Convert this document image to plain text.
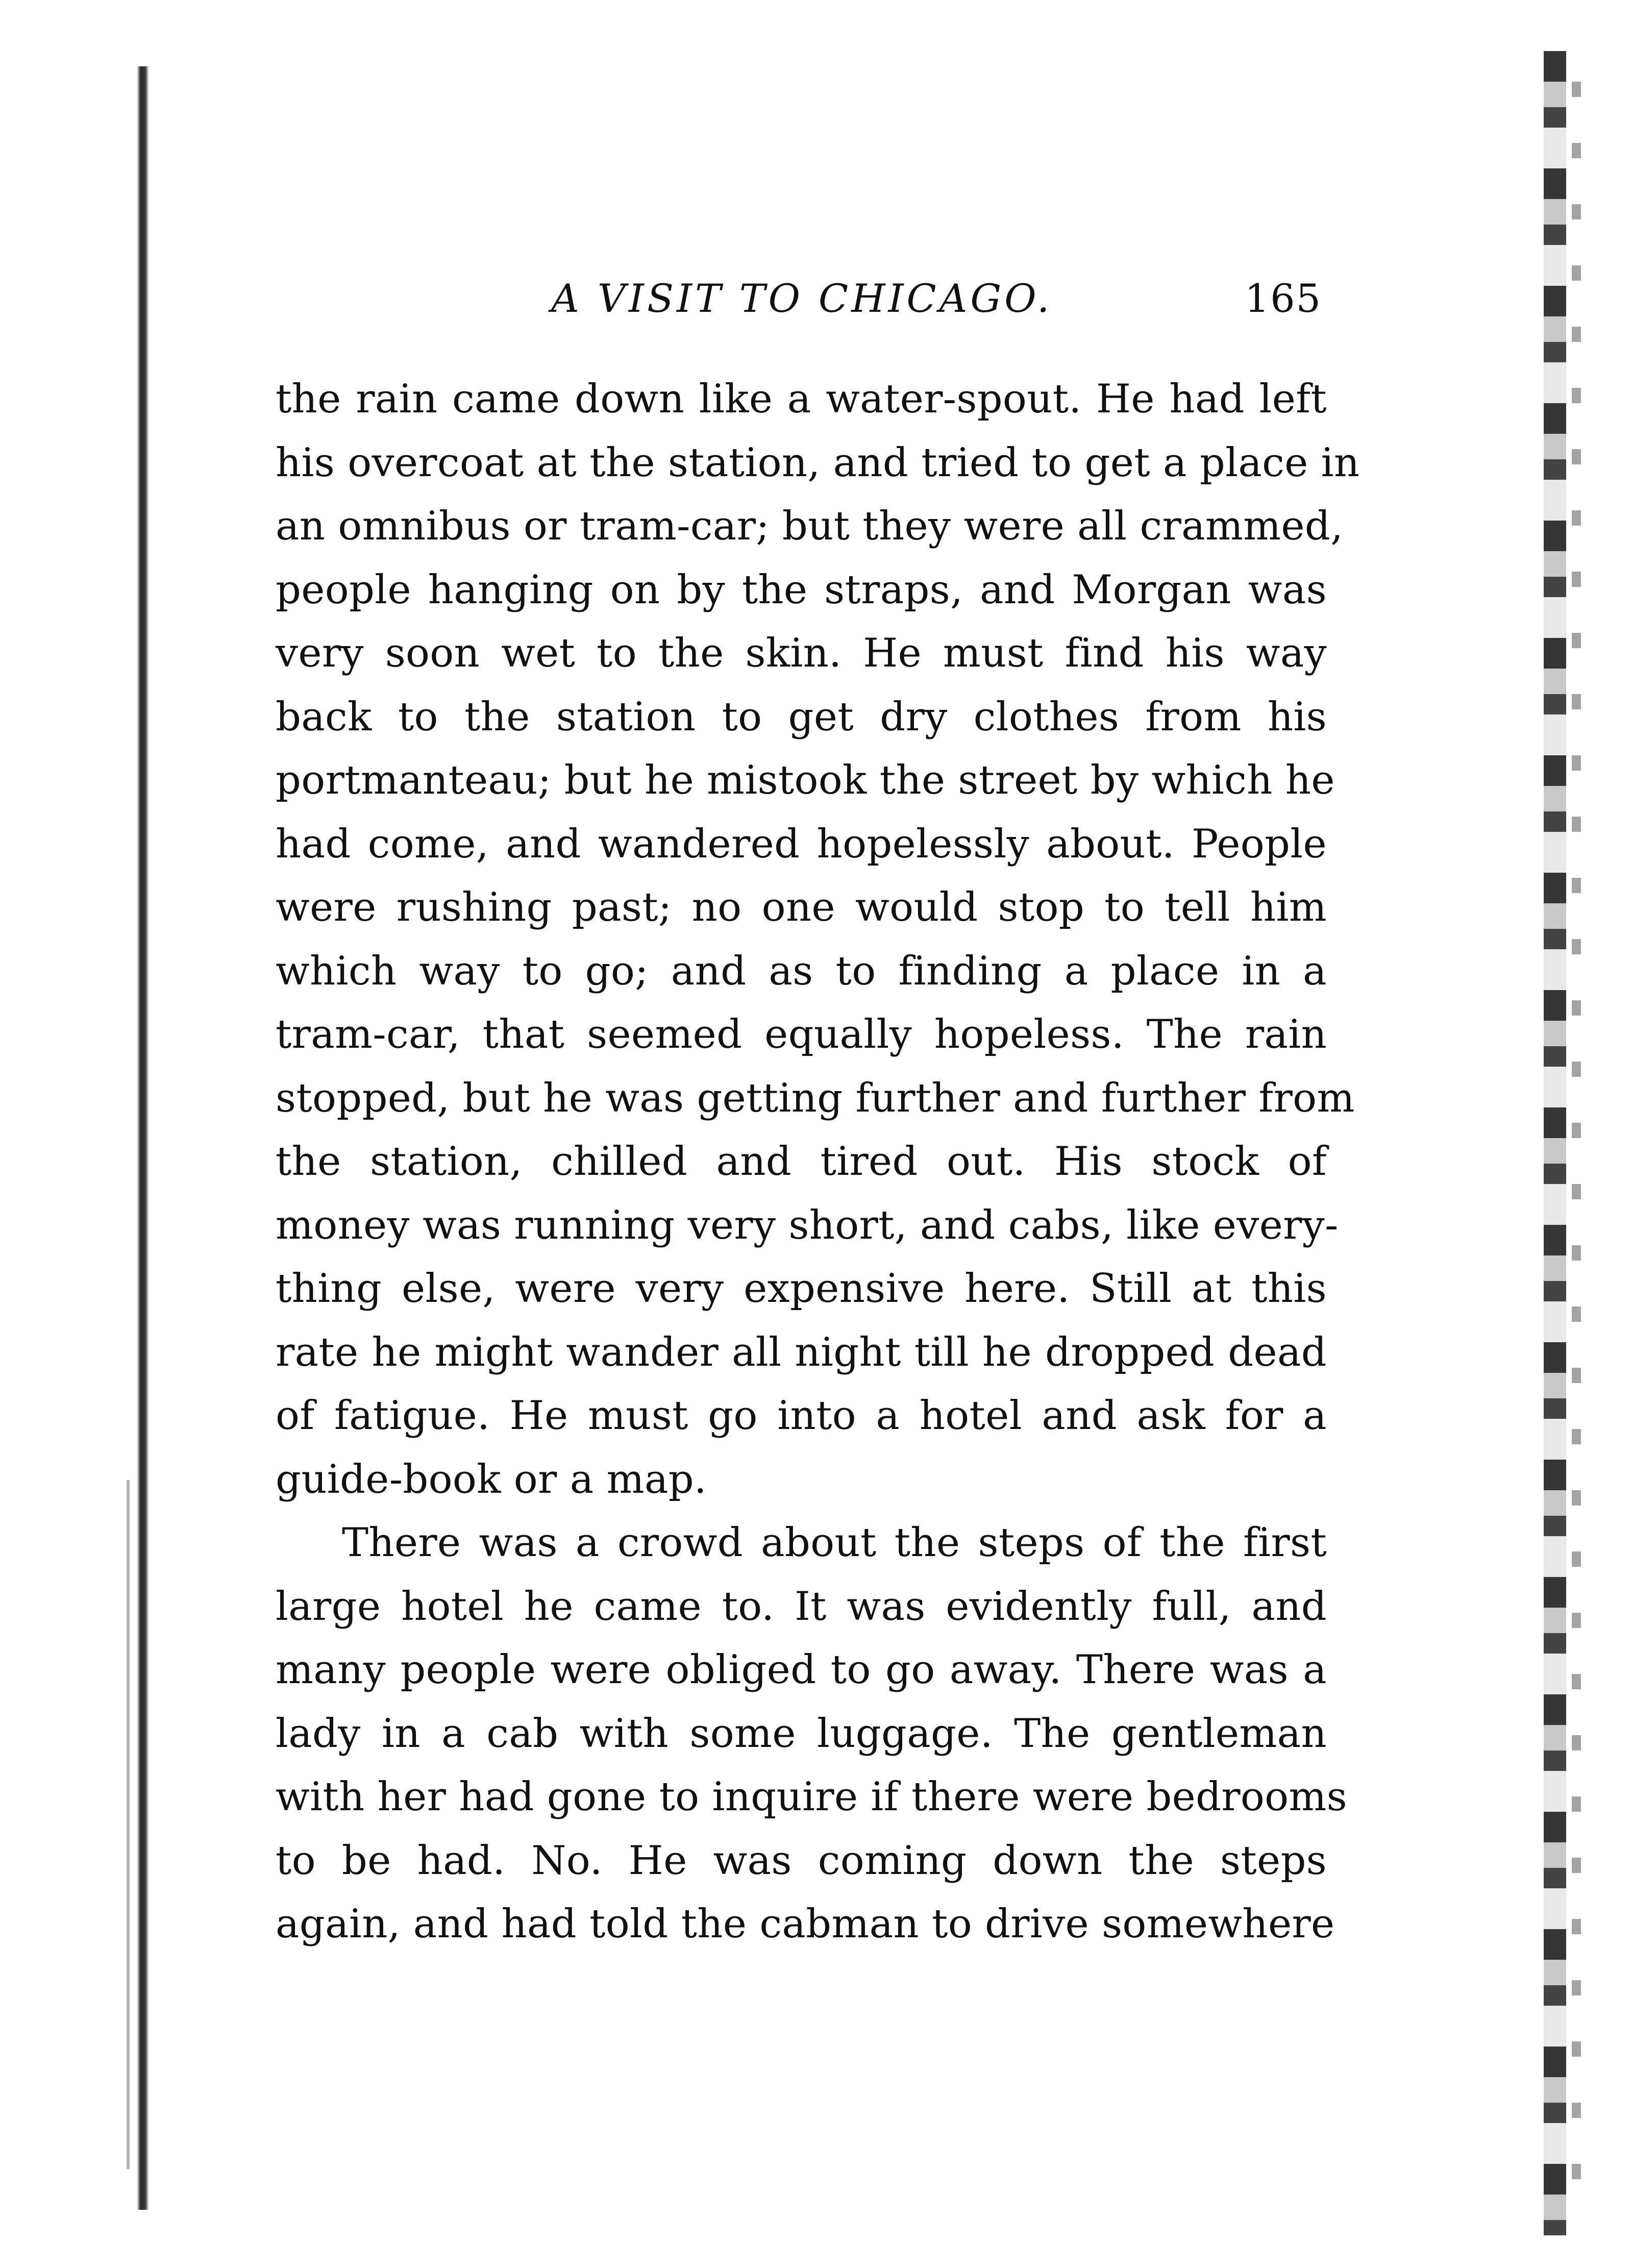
A VISIT TO CHICAGO.	165
the rain came down like a water-spout. He had left
his overcoat at the station, and tried to get a place in
an omnibus or tram-car; but they were all crammed,
people hanging on by the straps, and Morgan was
very soon wet to the skin. He must find his way
back to the station to get dry clothes from his
portmanteau; but he mistook the street by which he
had come, and wandered hopelessly about. People
were rushing past; no one would stop to tell him
which way to go; and as to finding a place in a
tram-car, that seemed equally hopeless. The rain
stopped, but he was getting further and further from
the station, chilled and tired out. His stock of
money was running very short, and cabs, like every-
thing else, were very expensive here. Still at this
rate he might wander all night till he dropped dead
of fatigue. He must go into a hotel and ask for a
guide-book or a map.
There was a crowd about the steps of the first
large hotel he came to. It was evidently full, and
many people were obliged to go away. There was a
lady in a cab with some luggage. The gentleman
with her had gone to inquire if there were bedrooms
to be had. No. He was coming down the steps
again, and had told the cabman to drive somewhere
